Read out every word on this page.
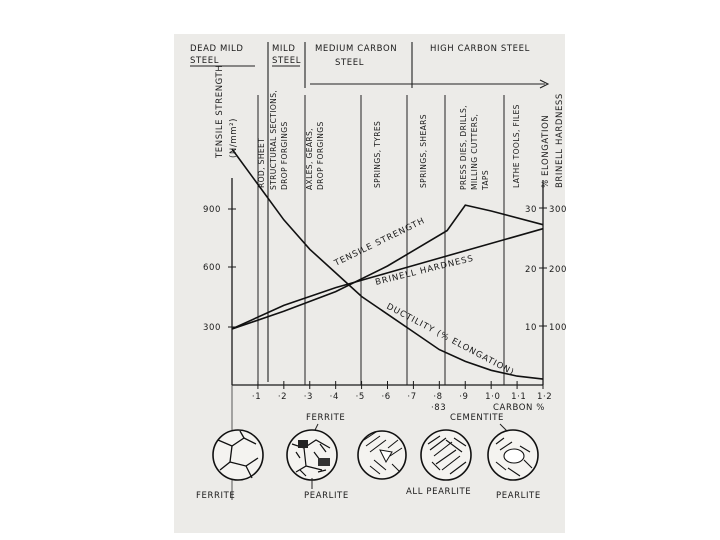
DEAD MILD
STEEL
MILD
STEEL
MEDIUM CARBON
STEEL
HIGH CARBON STEEL
TENSILE STRENGTH (N/mm²)
900
600
300
% ELONGATION BRINELL HARDNESS
30
20
10
300
200
100
ROD, SHEET STRUCTURAL SECTIONS, DROP FORGINGS AXLES, GEARS, DROP FORGINGS	SPRINGS, TYRES	SPRINGS, SHEARS	PRESS DIES, DRILLS, MILLING CUTTERS, TAPS	LATHE TOOLS, FILES
TENSILE STRENGTH
BRINELL HARDNESS
DUCTILITY (% ELONGATION)
·1 ·2 ·3 ·4 ·5 ·6 ·7 ·8 ·9 1·0 1·1 1·2
·83	CARBON %
FERRITE	CEMENTITE
FERRITE	PEARLITE	ALL PEARLITE	PEARLITE
